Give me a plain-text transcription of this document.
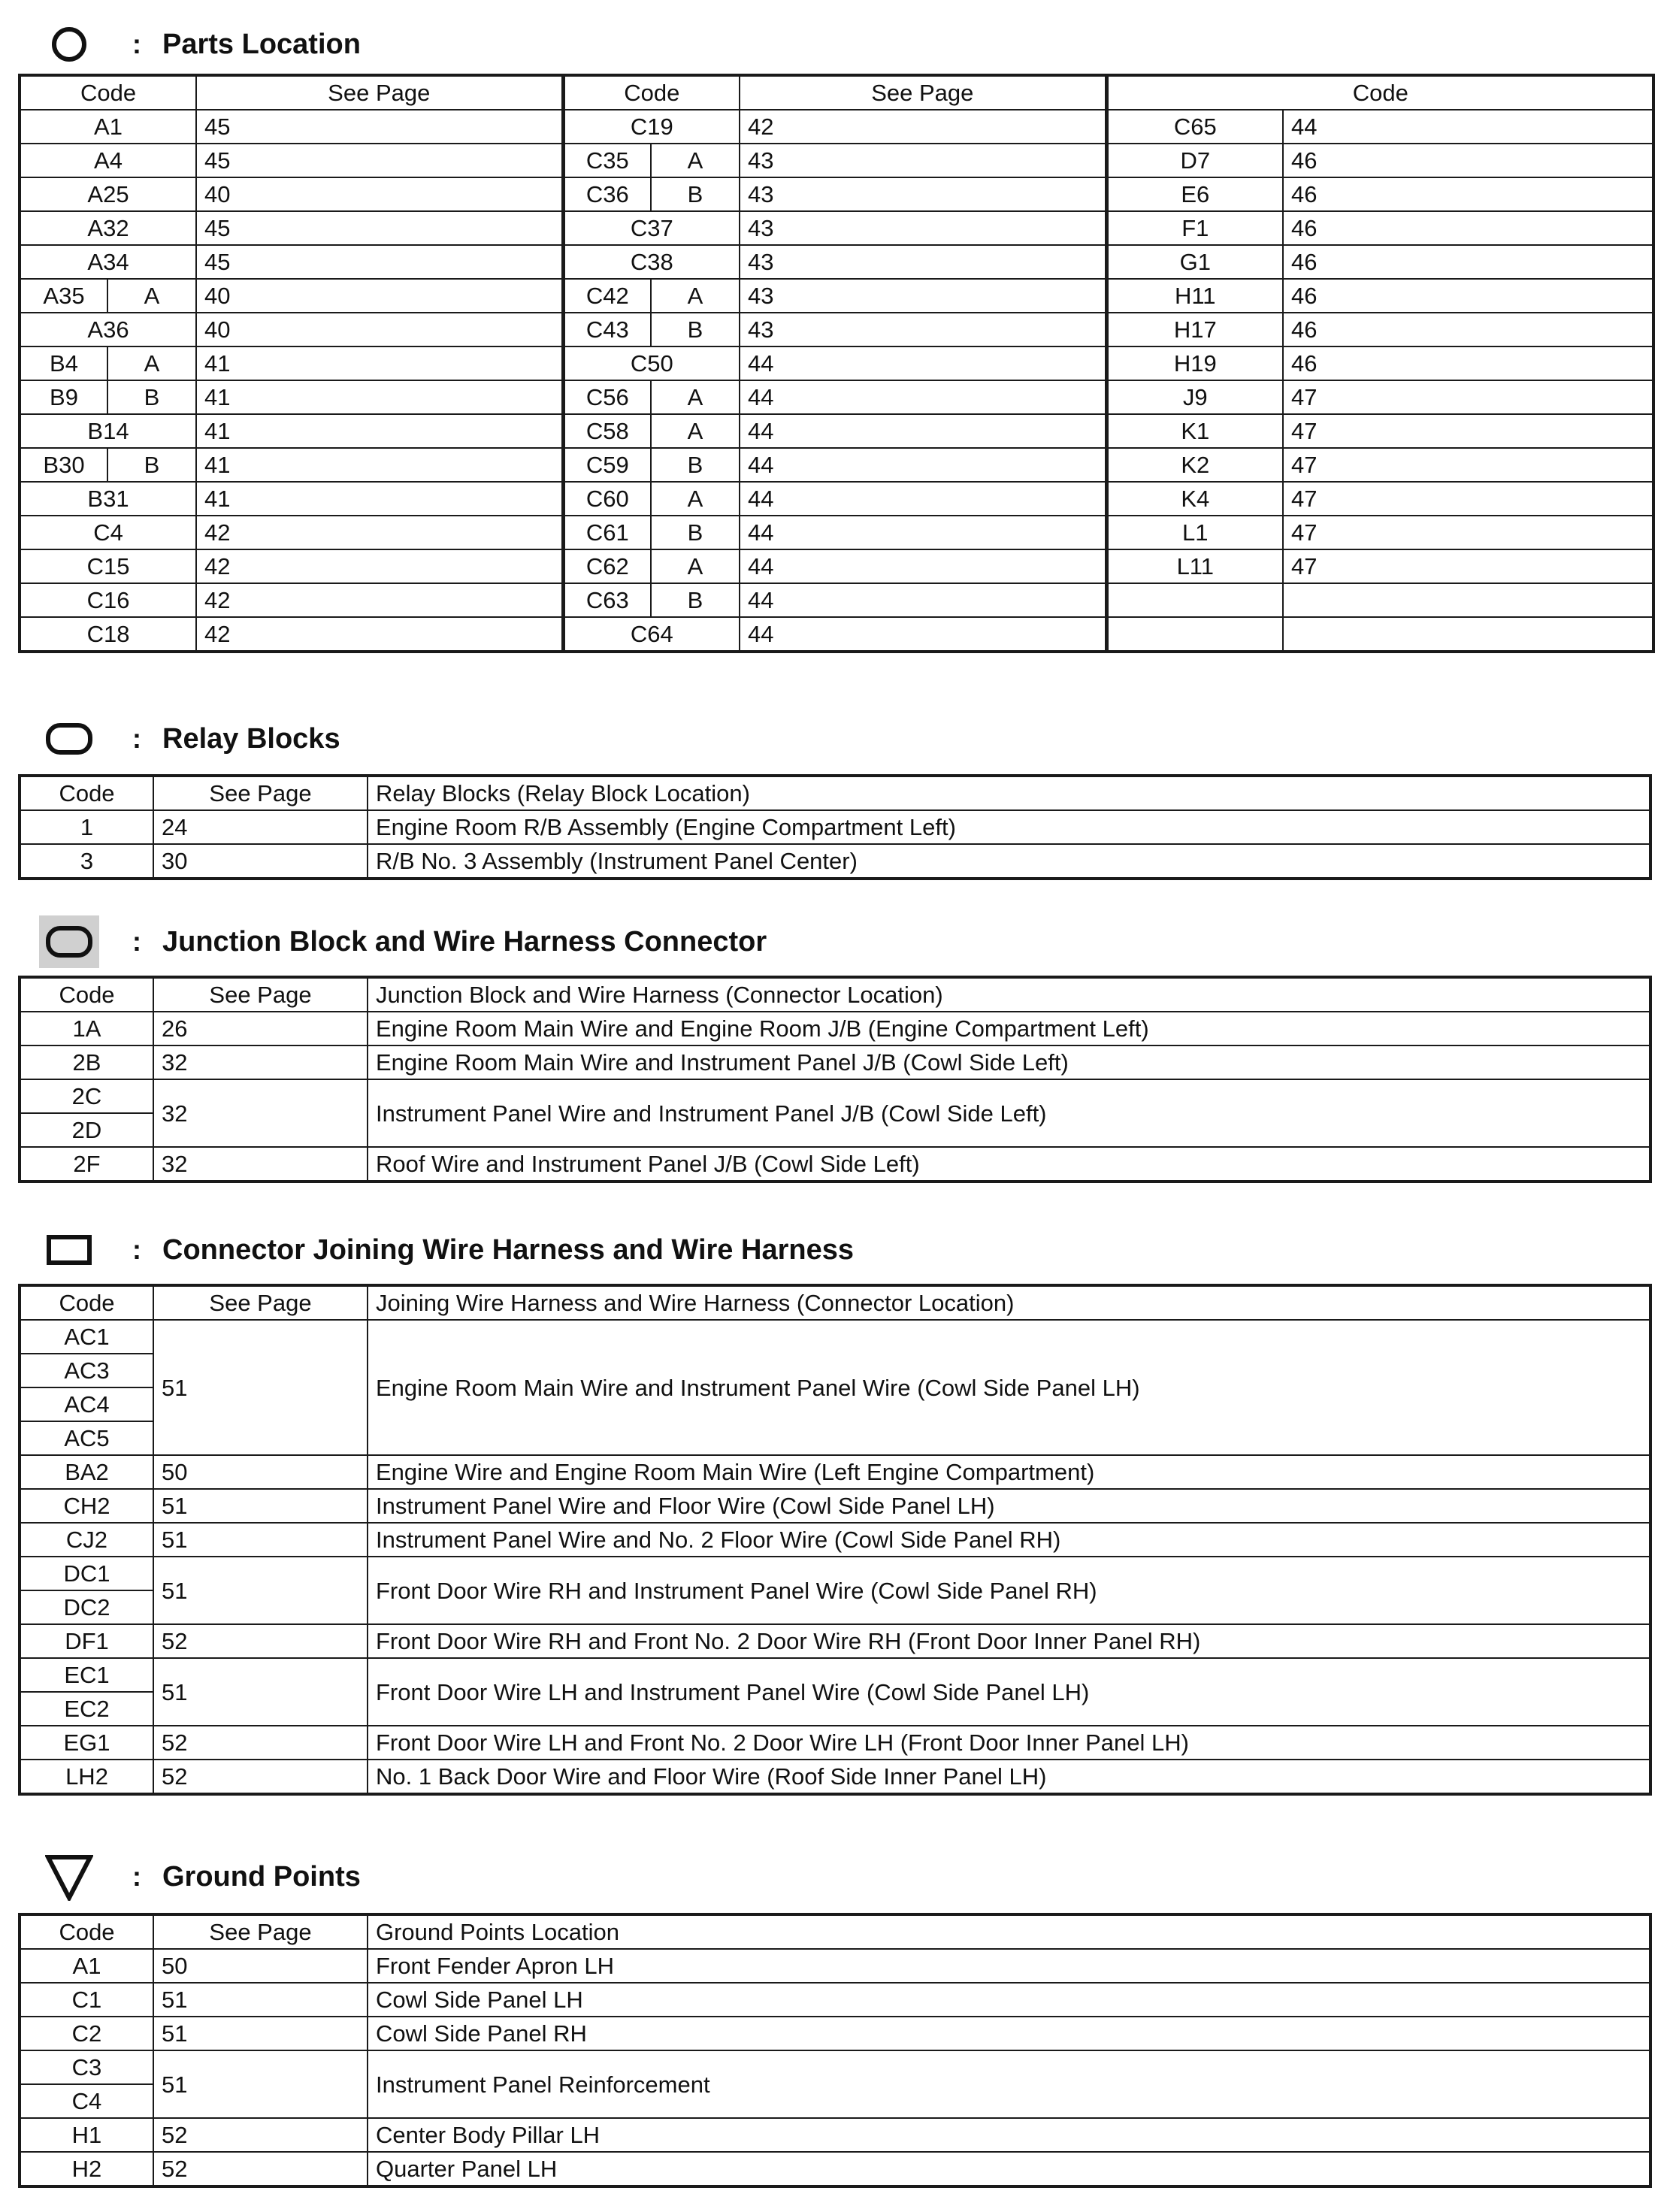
: Parts Location
Code		See Page	Code		See Page	Code	
A1		45	C19		42	C65	44	
A4		45	C35	A	43	D7	46	
A25		40	C36	B	43	E6	46	
A32		45	C37		43	F1	46	
A34		45	C38		43	G1	46	
A35	A	40	C42	A	43	H11	46	
A36		40	C43	B	43	H17	46	
B4	A	41	C50		44	H19	46	
B9	B	41	C56	A	44	J9	47	
B14		41	C58	A	44	K1	47	
B30	B	41	C59	B	44	K2	47	
B31		41	C60	A	44	K4	47	
C4		42	C61	B	44	L1	47	
C15		42	C62	A	44	L11	47	
C16		42	C63	B	44			
C18		42	C64		44			
: Relay Blocks
Code	See Page	Relay Blocks (Relay Block Location)
1	24	Engine Room R/B Assembly (Engine Compartment Left)
3	30	R/B No. 3 Assembly (Instrument Panel Center)
: Junction Block and Wire Harness Connector
Code	See Page	Junction Block and Wire Harness (Connector Location)
1A	26	Engine Room Main Wire and Engine Room J/B (Engine Compartment Left)
2B	32	Engine Room Main Wire and Instrument Panel J/B (Cowl Side Left)
2C	32	Instrument Panel Wire and Instrument Panel J/B (Cowl Side Left)
2D		
2F	32	Roof Wire and Instrument Panel J/B (Cowl Side Left)
: Connector Joining Wire Harness and Wire Harness
Code	See Page	Joining Wire Harness and Wire Harness (Connector Location)
AC1	51	Engine Room Main Wire and Instrument Panel Wire (Cowl Side Panel LH)
AC3		
AC4		
AC5		
BA2	50	Engine Wire and Engine Room Main Wire (Left Engine Compartment)
CH2	51	Instrument Panel Wire and Floor Wire (Cowl Side Panel LH)
CJ2	51	Instrument Panel Wire and No. 2 Floor Wire (Cowl Side Panel RH)
DC1	51	Front Door Wire RH and Instrument Panel Wire (Cowl Side Panel RH)
DC2		
DF1	52	Front Door Wire RH and Front No. 2 Door Wire RH (Front Door Inner Panel RH)
EC1	51	Front Door Wire LH and Instrument Panel Wire (Cowl Side Panel LH)
EC2		
EG1	52	Front Door Wire LH and Front No. 2 Door Wire LH (Front Door Inner Panel LH)
LH2	52	No. 1 Back Door Wire and Floor Wire (Roof Side Inner Panel LH)
: Ground Points
Code	See Page	Ground Points Location
A1	50	Front Fender Apron LH
C1	51	Cowl Side Panel LH
C2	51	Cowl Side Panel RH
C3	51	Instrument Panel Reinforcement
C4		
H1	52	Center Body Pillar LH
H2	52	Quarter Panel LH
